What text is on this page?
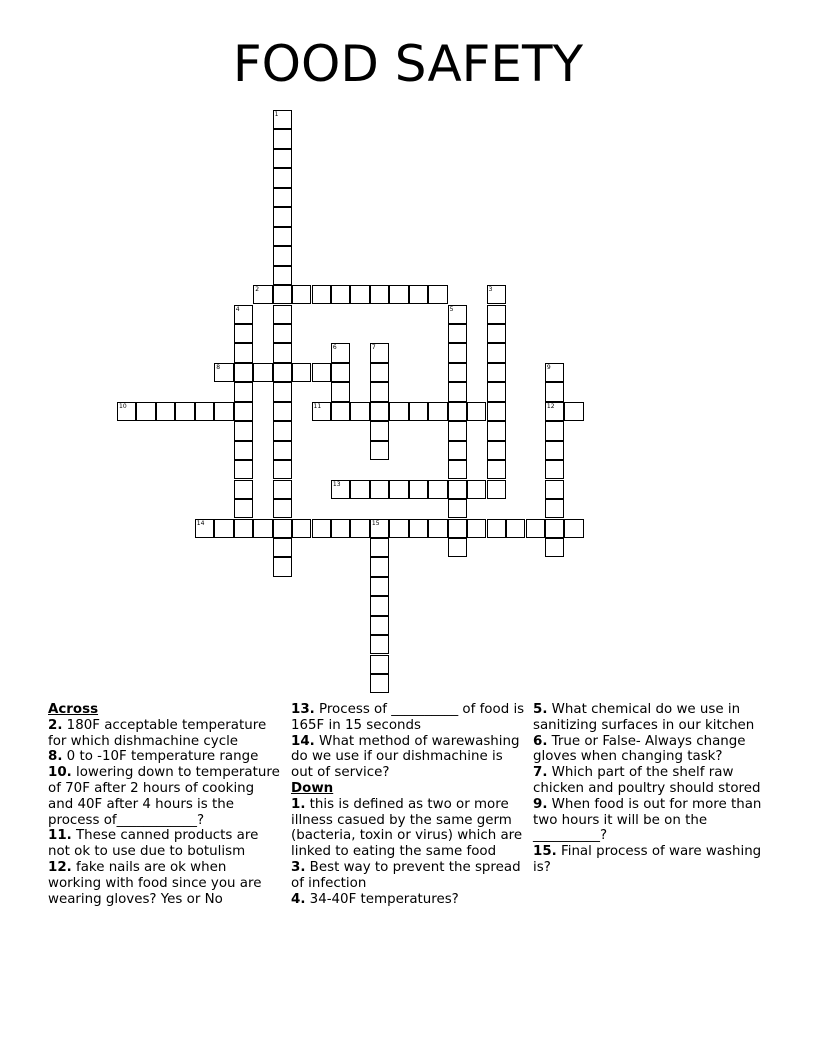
FOOD SAFETY
1
2	3
4	5
6	7
8	9
12
10	11
13
14	15

Across

2. 180F acceptable temperature for which dishmachine cycle

8. 0 to -10F temperature range

10. lowering down to temperature of 70F after 2 hours of cooking and 40F after 4 hours is the process of____________?

11. These canned products are not ok to use due to botulism

12. fake nails are ok when working with food since you are wearing gloves? Yes or No

13. Process of __________ of food is 165F in 15 seconds

14. What method of warewashing do we use if our dishmachine is out of service?

Down

1. this is defined as two or more illness casued by the same germ (bacteria, toxin or virus) which are linked to eating the same food

3. Best way to prevent the spread of infection

4. 34-40F temperatures?

5. What chemical do we use in sanitizing surfaces in our kitchen

6. True or False- Always change gloves when changing task?

7. Which part of the shelf raw chicken and poultry should stored

9. When food is out for more than two hours it will be on the __________?

15. Final process of ware washing is?
